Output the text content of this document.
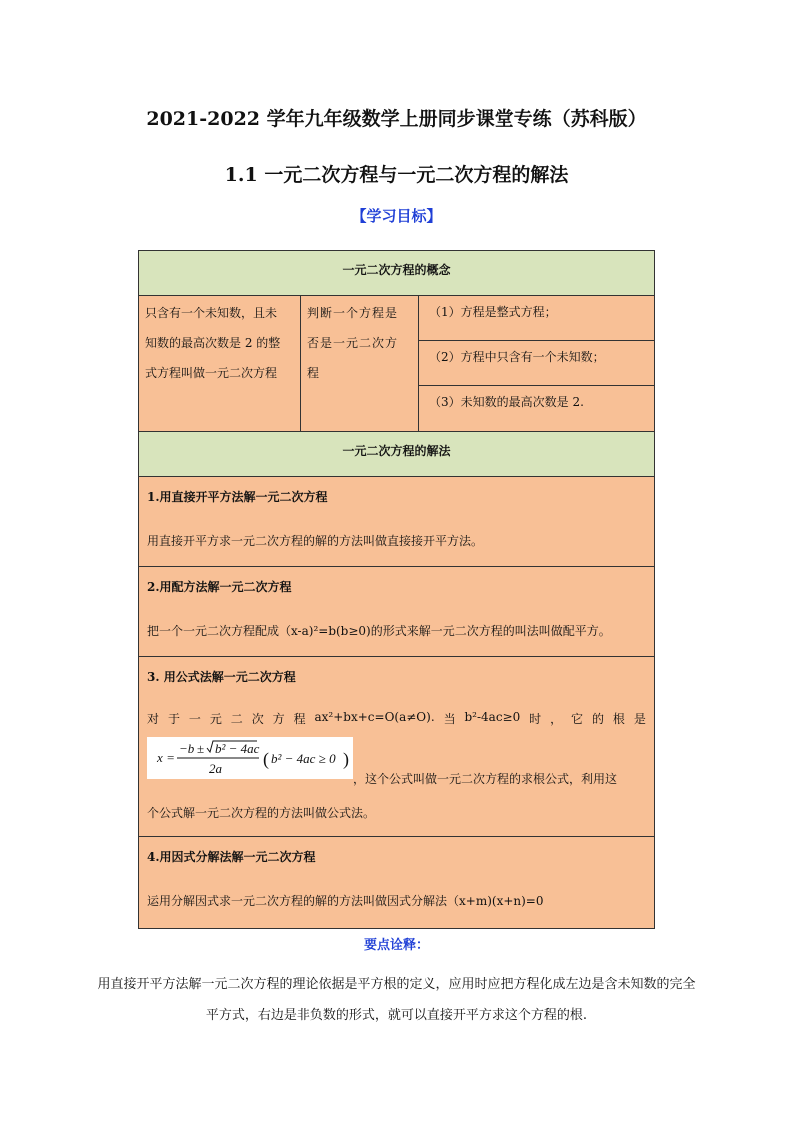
2021-2022 学年九年级数学上册同步课堂专练（苏科版）
1.1 一元二次方程与一元二次方程的解法
【学习目标】
一元二次方程的概念
只含有一个未知数，且未
知数的最高次数是 2 的整
式方程叫做一元二次方程
判断一个方程是
否是一元二次方
程
（1）方程是整式方程；
（2）方程中只含有一个未知数；
（3）未知数的最高次数是 2.
一元二次方程的解法
1.用直接开平方法解一元二次方程
用直接开平方求一元二次方程的解的方法叫做直接接开平方法。
2.用配方法解一元二次方程
把一个一元二次方程配成（x-a)²=b(b≥0)的形式来解一元二次方程的叫法叫做配平方。
3. 用公式法解一元二次方程
对 于 一 元 二 次 方 程 ax²+bx+c=O(a≠O). 当 b²-4ac≥0 时 ， 它 的 根 是
x =
−b ± b² − 4ac
2a ( b² − 4ac ≥ 0 )
，这个公式叫做一元二次方程的求根公式，利用这
个公式解一元二次方程的方法叫做公式法。
4.用因式分解法解一元二次方程
运用分解因式求一元二次方程的解的方法叫做因式分解法（x+m)(x+n)=0
要点诠释：
用直接开平方法解一元二次方程的理论依据是平方根的定义，应用时应把方程化成左边是含未知数的完全
平方式，右边是非负数的形式，就可以直接开平方求这个方程的根.
